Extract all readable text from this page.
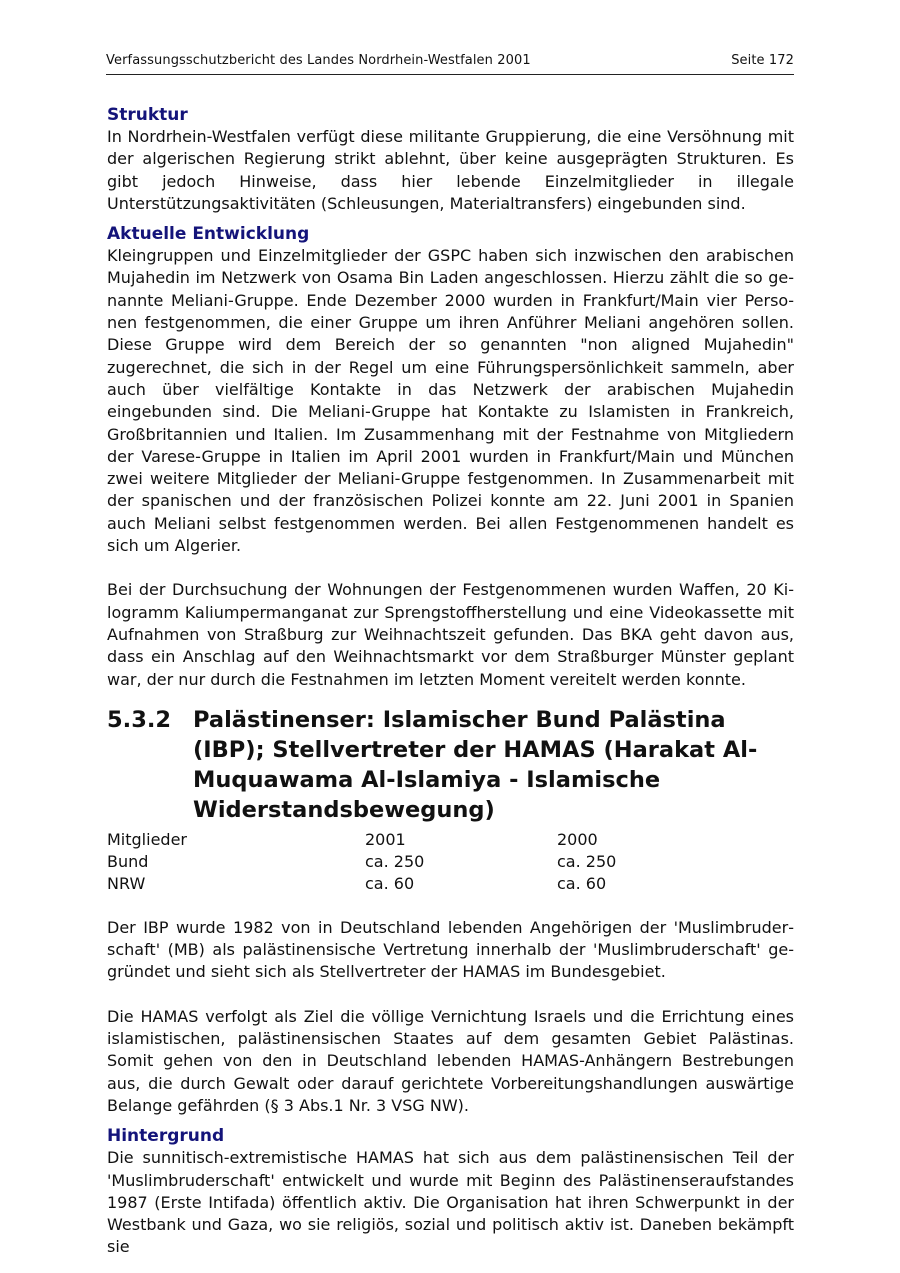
Verfassungsschutzbericht des Landes Nordrhein-Westfalen 2001	Seite 172
Struktur
In Nordrhein-Westfalen verfügt diese militante Gruppierung, die eine Versöhnung mit der algerischen Regierung strikt ablehnt, über keine ausgeprägten Strukturen. Es gibt jedoch Hinweise, dass hier lebende Einzelmitglieder in illegale Unterstützungsaktivitäten (Schleusungen, Materialtransfers) eingebunden sind.
Aktuelle Entwicklung
Kleingruppen und Einzelmitglieder der GSPC haben sich inzwischen den arabischen Mujahedin im Netzwerk von Osama Bin Laden angeschlossen. Hierzu zählt die so genannte Meliani-Gruppe. Ende Dezember 2000 wurden in Frankfurt/Main vier Personen festgenommen, die einer Gruppe um ihren Anführer Meliani angehören sollen. Diese Gruppe wird dem Bereich der so genannten "non aligned Mujahedin" zugerechnet, die sich in der Regel um eine Führungspersönlichkeit sammeln, aber auch über vielfältige Kontakte in das Netzwerk der arabischen Mujahedin eingebunden sind. Die Meliani-Gruppe hat Kontakte zu Islamisten in Frankreich, Großbritannien und Italien. Im Zusammenhang mit der Festnahme von Mitgliedern der Varese-Gruppe in Italien im April 2001 wurden in Frankfurt/Main und München zwei weitere Mitglieder der Meliani-Gruppe festgenommen. In Zusammenarbeit mit der spanischen und der französischen Polizei konnte am 22. Juni 2001 in Spanien auch Meliani selbst festgenommen werden. Bei allen Festgenommenen handelt es sich um Algerier.
Bei der Durchsuchung der Wohnungen der Festgenommenen wurden Waffen, 20 Kilogramm Kaliumpermanganat zur Sprengstoffherstellung und eine Videokassette mit Aufnahmen von Straßburg zur Weihnachtszeit gefunden. Das BKA geht davon aus, dass ein Anschlag auf den Weihnachtsmarkt vor dem Straßburger Münster geplant war, der nur durch die Festnahmen im letzten Moment vereitelt werden konnte.
5.3.2 Palästinenser: Islamischer Bund Palästina (IBP); Stellvertreter der HAMAS (Harakat Al-Muquawama Al-Islamiya - Islamische Widerstandsbewegung)
Mitglieder	2001	2000
Bund	ca. 250	ca. 250
NRW	ca. 60	ca. 60
Der IBP wurde 1982 von in Deutschland lebenden Angehörigen der 'Muslimbruderschaft' (MB) als palästinensische Vertretung innerhalb der 'Muslimbruderschaft' gegründet und sieht sich als Stellvertreter der HAMAS im Bundesgebiet.
Die HAMAS verfolgt als Ziel die völlige Vernichtung Israels und die Errichtung eines islamistischen, palästinensischen Staates auf dem gesamten Gebiet Palästinas. Somit gehen von den in Deutschland lebenden HAMAS-Anhängern Bestrebungen aus, die durch Gewalt oder darauf gerichtete Vorbereitungshandlungen auswärtige Belange gefährden (§ 3 Abs.1 Nr. 3 VSG NW).
Hintergrund
Die sunnitisch-extremistische HAMAS hat sich aus dem palästinensischen Teil der 'Muslimbruderschaft' entwickelt und wurde mit Beginn des Palästinenseraufstandes 1987 (Erste Intifada) öffentlich aktiv. Die Organisation hat ihren Schwerpunkt in der Westbank und Gaza, wo sie religiös, sozial und politisch aktiv ist. Daneben bekämpft sie
